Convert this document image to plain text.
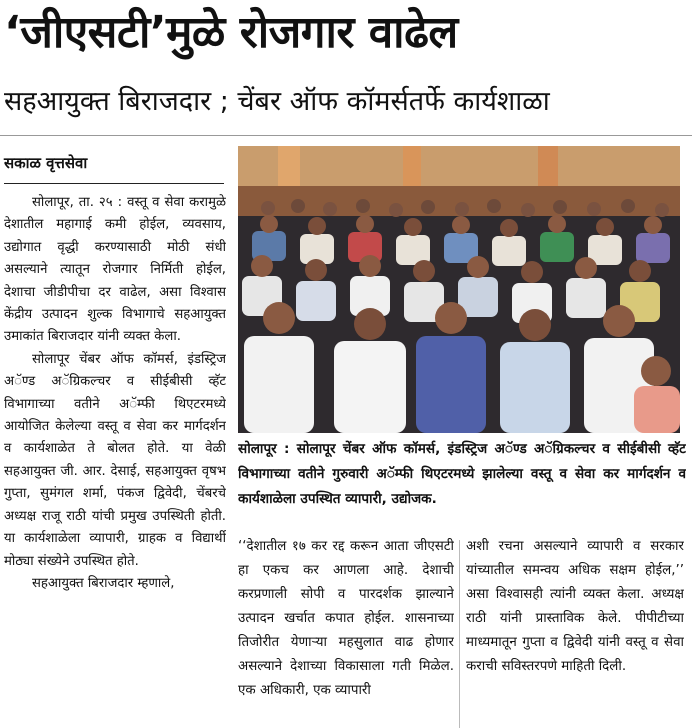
‘जीएसटी’मुळे रोजगार वाढेल
सहआयुक्त बिराजदार ; चेंबर ऑफ कॉमर्सतर्फे कार्यशाळा
सकाळ वृत्तसेवा

सोलापूर, ता. २५ : वस्तू व सेवा करामुळे देशातील महागाई कमी होईल, व्यवसाय, उद्योगात वृद्धी करण्यासाठी मोठी संधी असल्याने त्यातून रोजगार निर्मिती होईल, देशाचा जीडीपीचा दर वाढेल, असा विश्वास केंद्रीय उत्पादन शुल्क विभागाचे सहआयुक्त उमाकांत बिराजदार यांनी व्यक्त केला.

सोलापूर चेंबर ऑफ कॉमर्स, इंडस्ट्रिज अॅण्ड अॅग्रिकल्चर व सीईबीसी व्हॅट विभागाच्या वतीने अॅम्फी थिएटरमध्ये आयोजित केलेल्या वस्तू व सेवा कर मार्गदर्शन व कार्यशाळेत ते बोलत होते. या वेळी सहआयुक्त जी. आर. देसाई, सहआयुक्त वृषभ गुप्ता, सुमंगल शर्मा, पंकज द्विवेदी, चेंबरचे अध्यक्ष राजू राठी यांची प्रमुख उपस्थिती होती. या कार्यशाळेला व्यापारी, ग्राहक व विद्यार्थी मोठ्या संख्येने उपस्थित होते.

सहआयुक्त बिराजदार म्हणाले,

सोलापूर : सोलापूर चेंबर ऑफ कॉमर्स, इंडस्ट्रिज अॅण्ड अॅग्रिकल्चर व सीईबीसी व्हॅट विभागाच्या वतीने गुरुवारी अॅम्फी थिएटरमध्ये झालेल्या वस्तू व सेवा कर मार्गदर्शन व कार्यशाळेला उपस्थित व्यापारी, उद्योजक.
‘‘देशातील १७ कर रद्द करून आता जीएसटी हा एकच कर आणला आहे. देशाची करप्रणाली सोपी व पारदर्शक झाल्याने उत्पादन खर्चात कपात होईल. शासनाच्या तिजोरीत येणाऱ्या महसुलात वाढ होणार असल्याने देशाच्या विकासाला गती मिळेल. एक अधिकारी, एक व्यापारी
अशी रचना असल्याने व्यापारी व सरकार यांच्यातील समन्वय अधिक सक्षम होईल,’’ असा विश्वासही त्यांनी व्यक्त केला. अध्यक्ष राठी यांनी प्रास्ताविक केले. पीपीटीच्या माध्यमातून गुप्ता व द्विवेदी यांनी वस्तू व सेवा कराची सविस्तरपणे माहिती दिली.
